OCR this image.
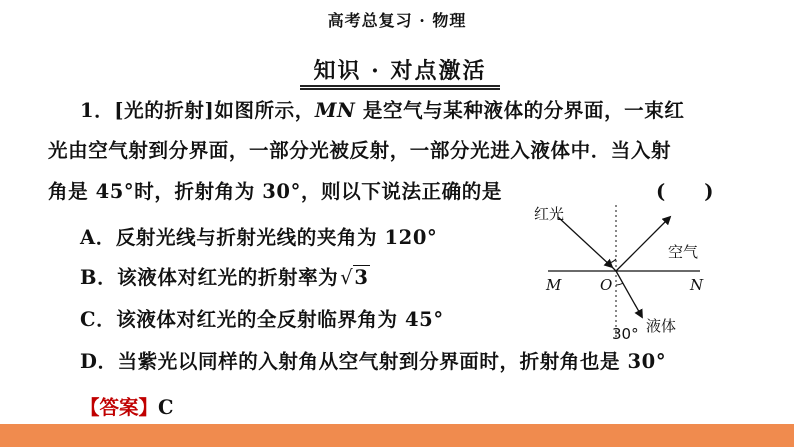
高考总复习 · 物理
知识 · 对点激活
1．[光的折射]如图所示，MN 是空气与某种液体的分界面，一束红
光由空气射到分界面，一部分光被反射，一部分光进入液体中．当入射
角是 45°时，折射角为 30°，则以下说法正确的是	(　　)
A．反射光线与折射光线的夹角为 120°
B．该液体对红光的折射率为 √3
C．该液体对红光的全反射临界角为 45°
D．当紫光以同样的入射角从空气射到分界面时，折射角也是 30°
红光
空气
液体
M	O	N
30°
【答案】C
